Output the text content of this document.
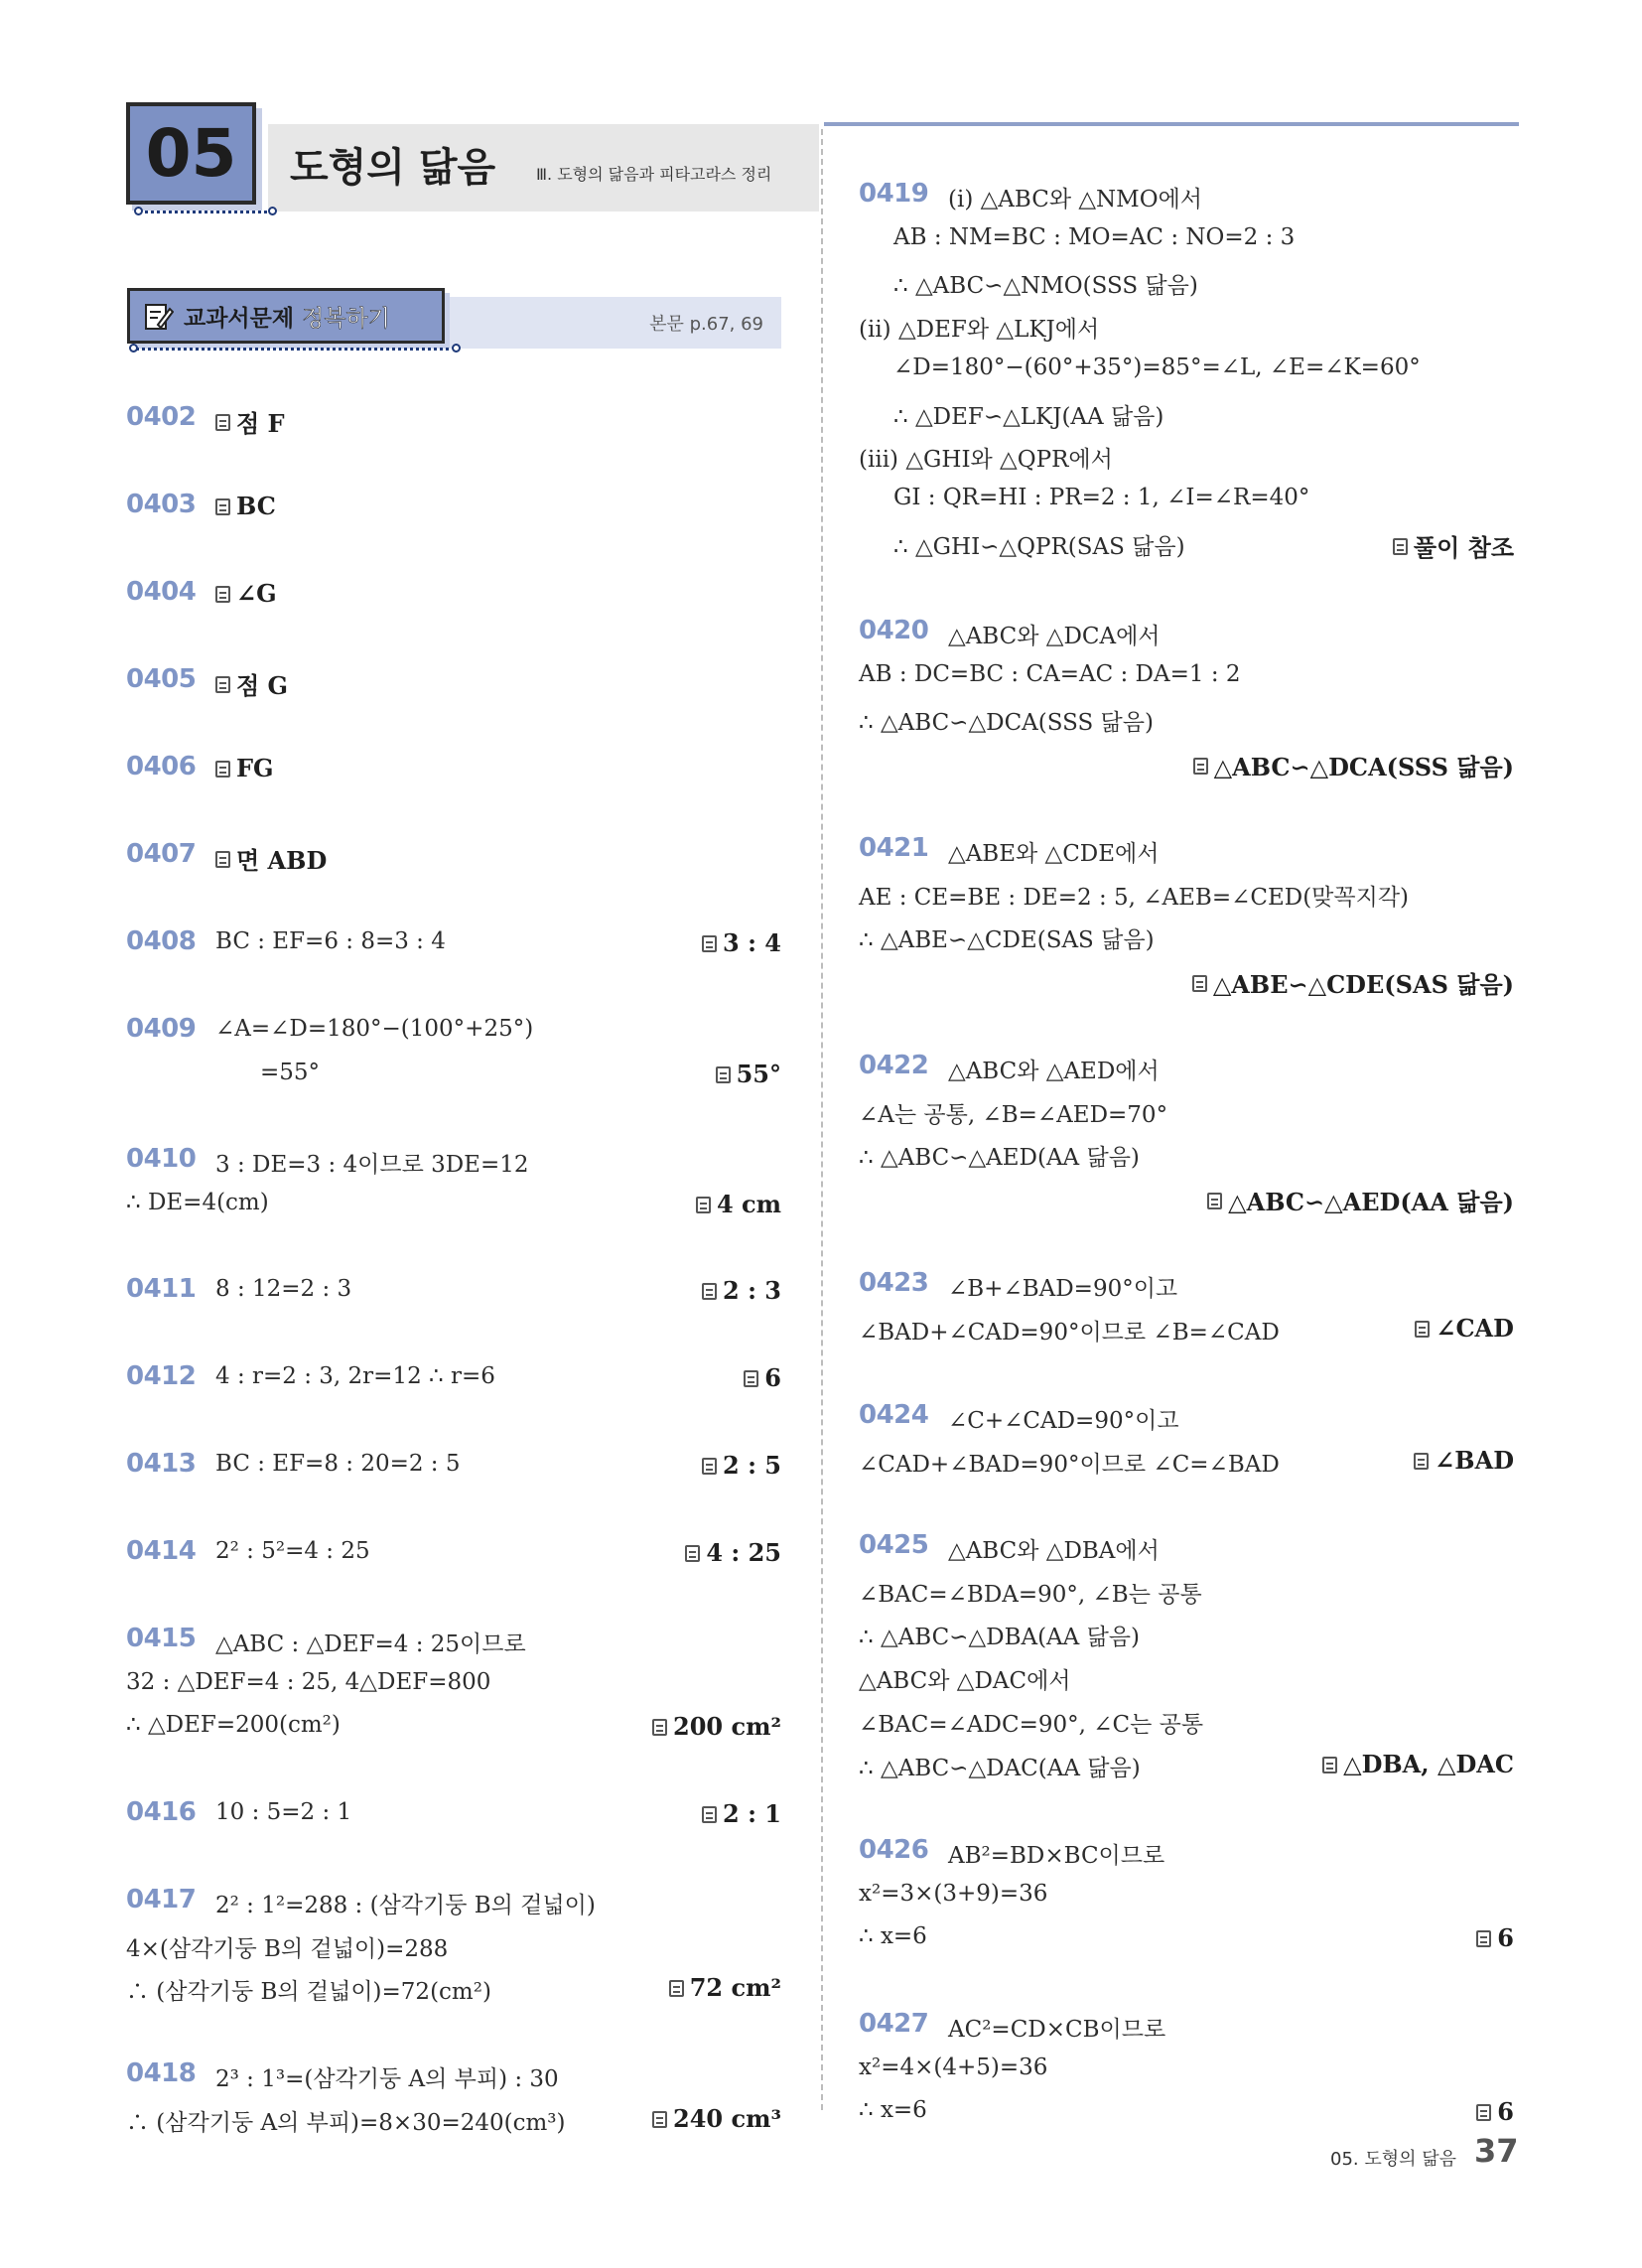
05	도형의 닮음	Ⅲ. 도형의 닮음과 피타고라스 정리
교과서문제 정복하기	본문 p.67, 69
0402 점 F
0403 BC
0404 ∠G
0405 점 G
0406 FG
0407 면 ABD
0408 BC : EF=6 : 8=3 : 4	3 : 4
0409 ∠A=∠D=180°−(100°+25°)
=55°	55°
0410 3 : DE=3 : 4이므로 3DE=12
∴ DE=4(cm)	4 cm
0411 8 : 12=2 : 3	2 : 3
0412 4 : r=2 : 3, 2r=12 ∴ r=6	6
0413 BC : EF=8 : 20=2 : 5	2 : 5
0414 2² : 5²=4 : 25	4 : 25
0415 △ABC : △DEF=4 : 25이므로
32 : △DEF=4 : 25, 4△DEF=800
∴ △DEF=200(cm²)	200 cm²
0416 10 : 5=2 : 1	2 : 1
0417 2² : 1²=288 : (삼각기둥 B의 겉넓이)
4×(삼각기둥 B의 겉넓이)=288
∴ (삼각기둥 B의 겉넓이)=72(cm²)	72 cm²
0418 2³ : 1³=(삼각기둥 A의 부피) : 30
∴ (삼각기둥 A의 부피)=8×30=240(cm³)	240 cm³
0419 (ⅰ) △ABC와 △NMO에서
AB : NM=BC : MO=AC : NO=2 : 3
∴ △ABC∽△NMO(SSS 닮음)
(ⅱ) △DEF와 △LKJ에서
∠D=180°−(60°+35°)=85°=∠L, ∠E=∠K=60°
∴ △DEF∽△LKJ(AA 닮음)
(ⅲ) △GHI와 △QPR에서
GI : QR=HI : PR=2 : 1, ∠I=∠R=40°
∴ △GHI∽△QPR(SAS 닮음)	풀이 참조
0420 △ABC와 △DCA에서
AB : DC=BC : CA=AC : DA=1 : 2
∴ △ABC∽△DCA(SSS 닮음)
△ABC∽△DCA(SSS 닮음)
0421 △ABE와 △CDE에서
AE : CE=BE : DE=2 : 5, ∠AEB=∠CED(맞꼭지각)
∴ △ABE∽△CDE(SAS 닮음)
△ABE∽△CDE(SAS 닮음)
0422 △ABC와 △AED에서
∠A는 공통, ∠B=∠AED=70°
∴ △ABC∽△AED(AA 닮음)
△ABC∽△AED(AA 닮음)
0423 ∠B+∠BAD=90°이고
∠BAD+∠CAD=90°이므로 ∠B=∠CAD	∠CAD
0424 ∠C+∠CAD=90°이고
∠CAD+∠BAD=90°이므로 ∠C=∠BAD	∠BAD
0425 △ABC와 △DBA에서
∠BAC=∠BDA=90°, ∠B는 공통
∴ △ABC∽△DBA(AA 닮음)
△ABC와 △DAC에서
∠BAC=∠ADC=90°, ∠C는 공통
∴ △ABC∽△DAC(AA 닮음)	△DBA, △DAC
0426 AB²=BD×BC이므로
x²=3×(3+9)=36
∴ x=6	6
0427 AC²=CD×CB이므로
x²=4×(4+5)=36
∴ x=6	6
05. 도형의 닮음 37
